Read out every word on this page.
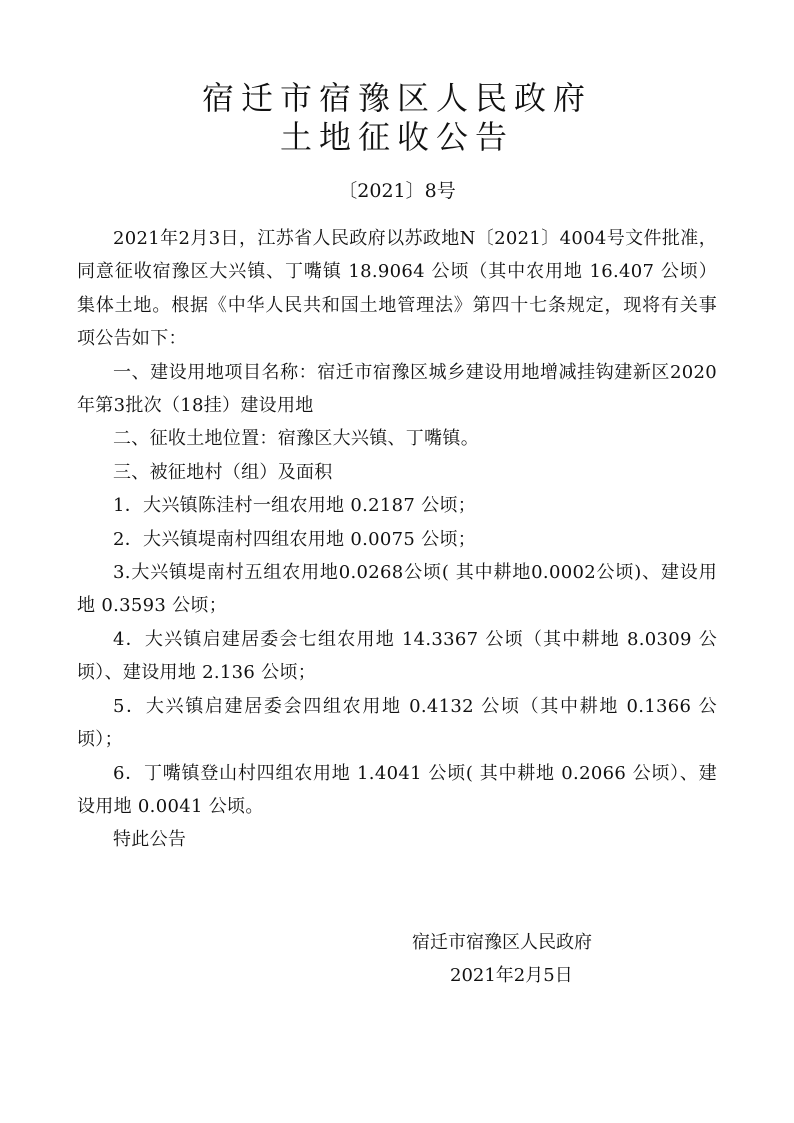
宿迁市宿豫区人民政府
土地征收公告
〔2021〕8号

2021年2月3日，江苏省人民政府以苏政地N〔2021〕4004号文件批准，同意征收宿豫区大兴镇、丁嘴镇 18.9064 公顷（其中农用地 16.407 公顷）集体土地。根据《中华人民共和国土地管理法》第四十七条规定，现将有关事项公告如下：

一、建设用地项目名称：宿迁市宿豫区城乡建设用地增减挂钩建新区2020年第3批次（18挂）建设用地

二、征收土地位置：宿豫区大兴镇、丁嘴镇。

三、被征地村（组）及面积

1．大兴镇陈洼村一组农用地 0.2187 公顷；

2．大兴镇堤南村四组农用地 0.0075 公顷；

3.大兴镇堤南村五组农用地0.0268公顷( 其中耕地0.0002公顷)、建设用地 0.3593 公顷；

4．大兴镇启建居委会七组农用地 14.3367 公顷（其中耕地 8.0309 公顷）、建设用地 2.136 公顷；

5．大兴镇启建居委会四组农用地 0.4132 公顷（其中耕地 0.1366 公顷）；

6．丁嘴镇登山村四组农用地 1.4041 公顷( 其中耕地 0.2066 公顷）、建设用地 0.0041 公顷。

特此公告

宿迁市宿豫区人民政府
2021年2月5日
